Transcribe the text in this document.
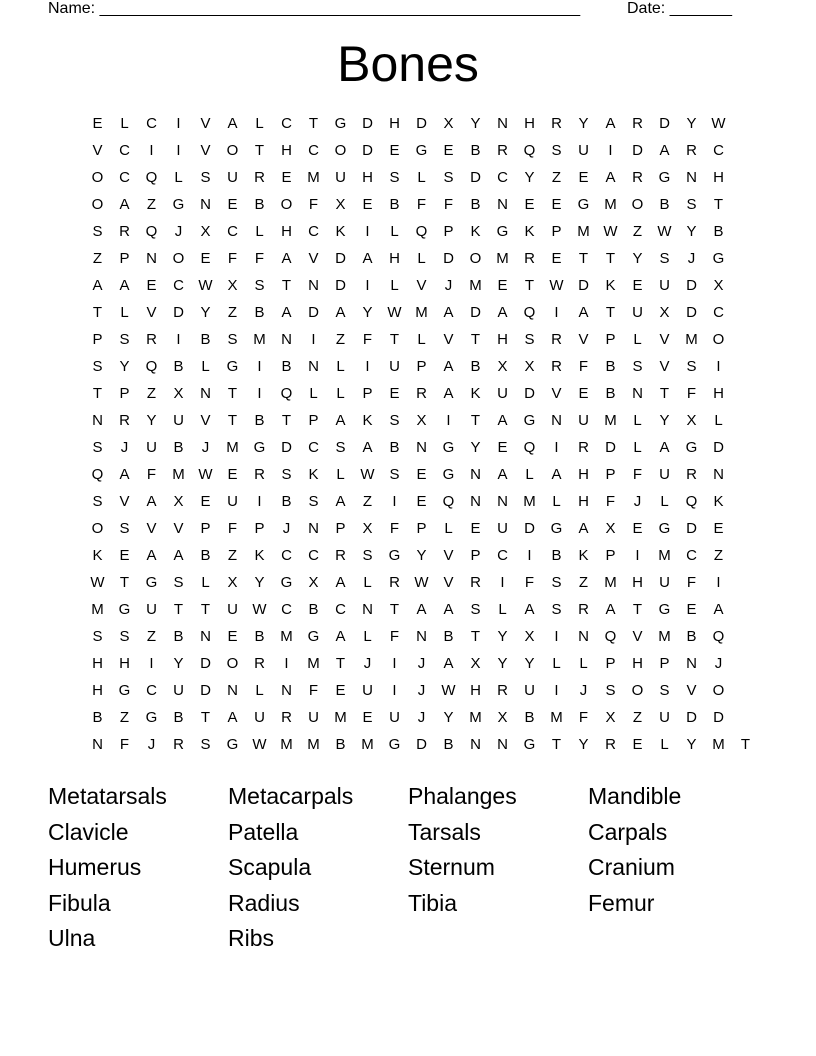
Name: ______________________________________________________	Date: _______
Bones
E	L	C	I	V	A	L	C	T	G	D	H	D	X	Y	N	H	R	Y	A	R	D	Y W
V	C	I	I	V	O	T	H	C	O	D	E	G	E	B	R	Q	S	U	I	D	A	R	C
O	C	Q	L	S	U	R	E	M	U	H	S	L	S	D	C	Y	Z	E	A	R	G	N	H
O	A	Z	G	N	E	B	O	F	X	E	B	F	F	B	N	E	E	G M O	B	S	T
S	R	Q	J	X	C	L	H	C	K	I	L	Q	P	K	G	K	P	M W	Z	W Y	B
Z	P	N	O	E	F	F	A	V	D	A	H	L	D	O M	R	E	T	T	Y	S	J	G
A	A	E	C W X	S	T	N	D	I	L	V	J	M	E	T	W D	K	E	U	D	X
T	L	V	D	Y	Z	B	A	D	A	Y W M	A	D	A	Q	I	A	T	U	X	D	C
P	S	R	I	B	S	M	N	I	Z	F	T	L	V	T	H	S	R	V	P	L	V	M O
S	Y	Q	B	L	G	I	B	N	L	I	U	P	A	B	X	X	R	F	B	S	V	S	I
T	P	Z	X	N	T	I	Q	L	L	P	E	R	A	K	U	D	V	E	B	N	T	F	H
N	R	Y	U	V	T	B	T	P	A	K	S	X	I	T	A	G	N	U	M	L	Y	X	L
S	J	U	B	J	M G	D	C	S	A	B	N	G	Y	E	Q	I	R	D	L	A	G	D
Q	A	F	M W E	R	S	K	L	W S	E	G	N	A	L	A	H	P	F	U	R	N
S	V	A	X	E	U	I	B	S	A	Z	I	E	Q	N	N	M	L	H	F	J	L	Q	K
O	S	V	V	P	F	P	J	N	P	X	F	P	L	E	U	D	G	A	X	E	G	D	E
K	E	A	A	B	Z	K	C	C	R	S	G	Y	V	P	C	I	B	K	P	I	M	C	Z
W	T	G	S	L	X	Y	G	X	A	L	R W V	R	I	F	S	Z	M	H	U	F	I
M G	U	T	T	U W C	B	C	N	T	A	A	S	L	A	S	R	A	T	G	E	A
S	S	Z	B	N	E	B	M G	A	L	F	N	B	T	Y	X	I	N	Q	V	M	B	Q
H	H	I	Y	D	O	R	I	M	T	J	I	J	A	X	Y	Y	L	L	P	H	P	N	J
H	G	C	U	D	N	L	N	F	E	U	I	J	W H	R	U	I	J	S	O	S	V	O
B	Z	G	B	T	A	U	R	U	M	E	U	J	Y	M	X	B	M	F	X	Z	U	D	D
N	F	J	R	S	G W M M	B	M G	D	B	N	N	G	T	Y	R	E	L	Y	M	T
Metatarsals	Metacarpals	Phalanges	Mandible
Clavicle	Patella	Tarsals	Carpals
Humerus	Scapula	Sternum	Cranium
Fibula	Radius	Tibia	Femur
Ulna	Ribs
